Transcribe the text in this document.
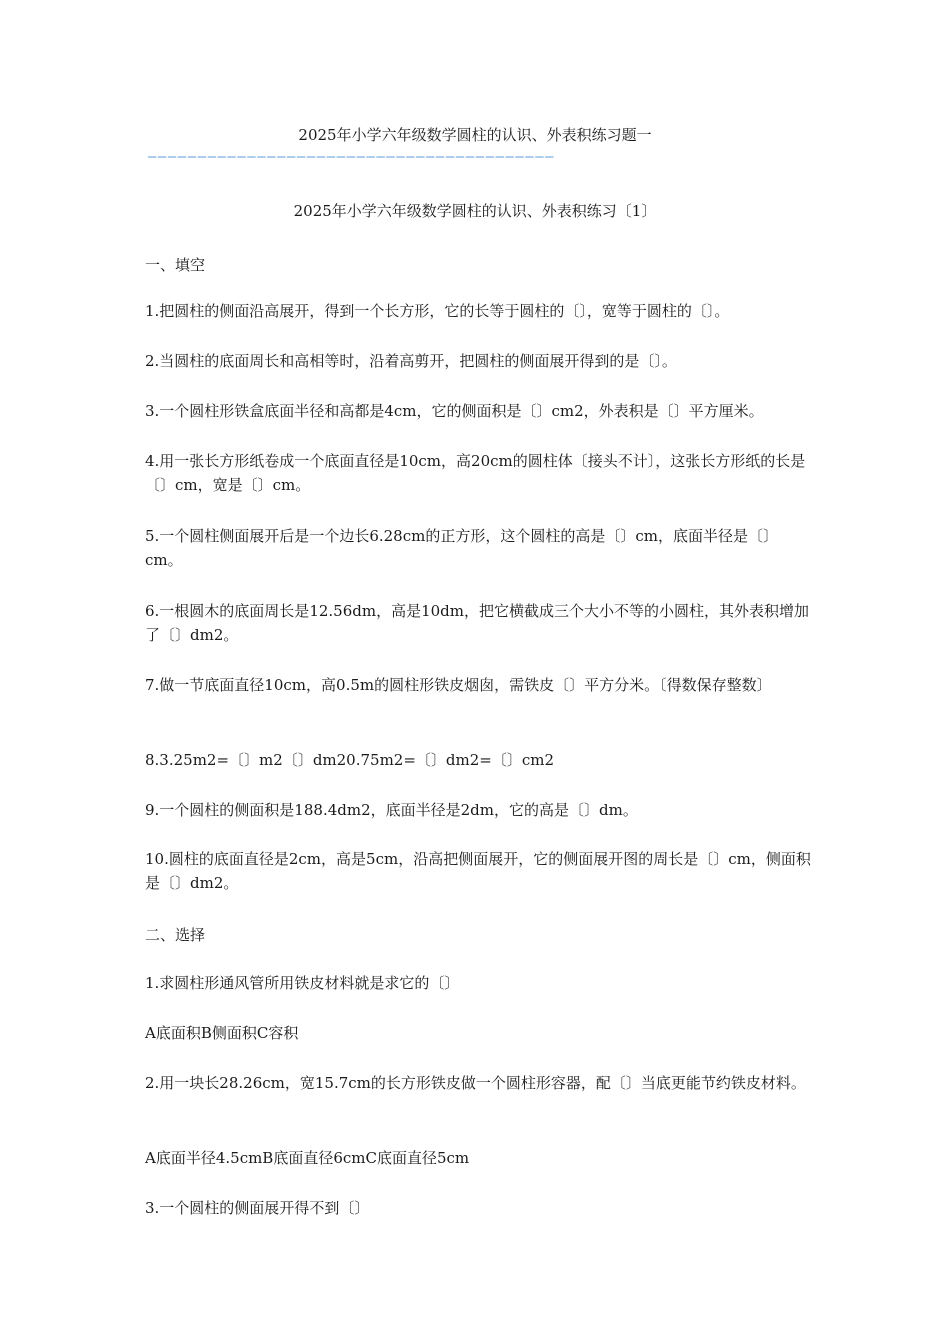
2025年小学六年级数学圆柱的认识、外表积练习题一
—————————————————————————————————————————
2025年小学六年级数学圆柱的认识、外表积练习〔1〕

一、填空

1.把圆柱的侧面沿高展开，得到一个长方形，它的长等于圆柱的〔〕，宽等于圆柱的〔〕。

2.当圆柱的底面周长和高相等时，沿着高剪开，把圆柱的侧面展开得到的是〔〕。

3.一个圆柱形铁盒底面半径和高都是4cm，它的侧面积是〔〕cm2，外表积是〔〕平方厘米。

4.用一张长方形纸卷成一个底面直径是10cm，高20cm的圆柱体〔接头不计〕，这张长方形纸的长是〔〕cm，宽是〔〕cm。

5.一个圆柱侧面展开后是一个边长6.28cm的正方形，这个圆柱的高是〔〕cm，底面半径是〔〕cm。

6.一根圆木的底面周长是12.56dm，高是10dm，把它横截成三个大小不等的小圆柱，其外表积增加了〔〕dm2。

7.做一节底面直径10cm，高0.5m的圆柱形铁皮烟囱，需铁皮〔〕平方分米。〔得数保存整数〕

8.3.25m2=〔〕m2〔〕dm20.75m2=〔〕dm2=〔〕cm2

9.一个圆柱的侧面积是188.4dm2，底面半径是2dm，它的高是〔〕dm。

10.圆柱的底面直径是2cm，高是5cm，沿高把侧面展开，它的侧面展开图的周长是〔〕cm，侧面积是〔〕dm2。

二、选择

1.求圆柱形通风管所用铁皮材料就是求它的〔〕

A底面积B侧面积C容积

2.用一块长28.26cm，宽15.7cm的长方形铁皮做一个圆柱形容器，配〔〕当底更能节约铁皮材料。

A底面半径4.5cmB底面直径6cmC底面直径5cm

3.一个圆柱的侧面展开得不到〔〕
